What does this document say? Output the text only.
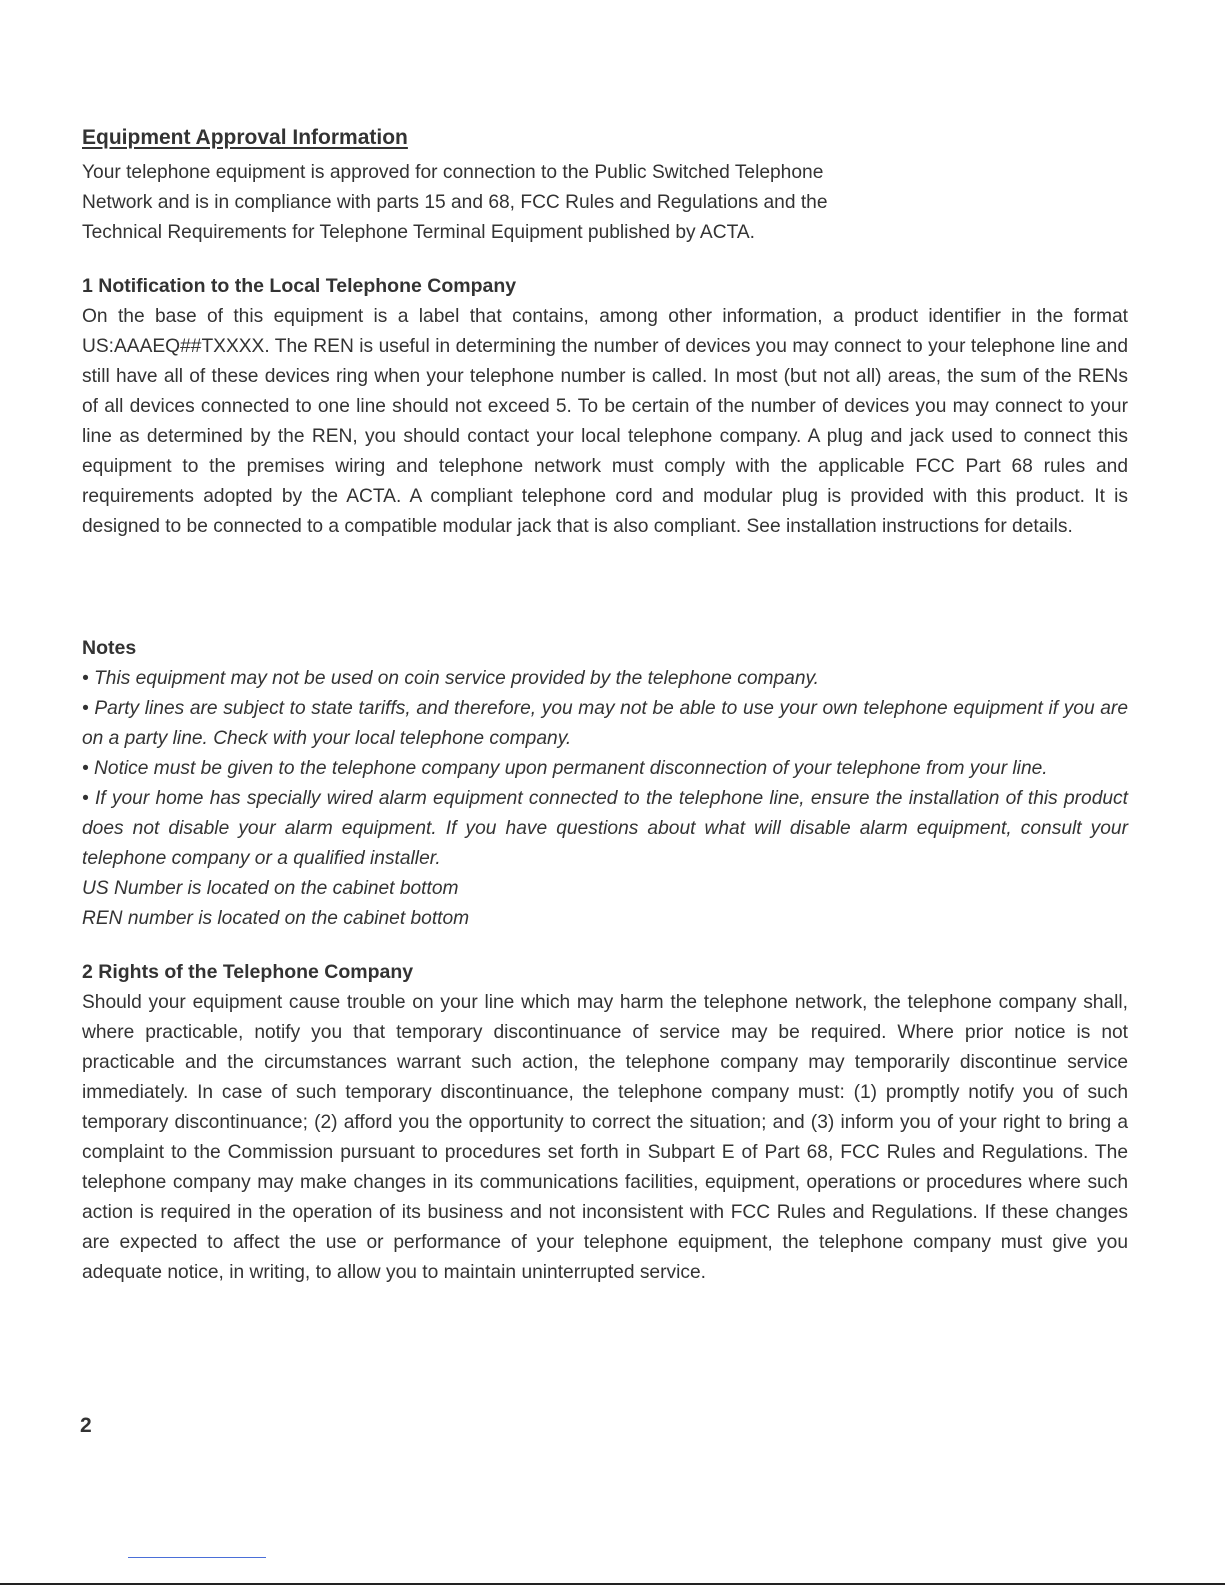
Equipment Approval Information

Your telephone equipment is approved for connection to the Public Switched Telephone

Network and is in compliance with parts 15 and 68, FCC Rules and Regulations and the

Technical Requirements for Telephone Terminal Equipment published by ACTA.

1 Notification to the Local Telephone Company

On the base of this equipment is a label that contains, among other information, a product identifier in the format US:AAAEQ##TXXXX. The REN is useful in determining the number of devices you may connect to your telephone line and still have all of these devices ring when your telephone number is called. In most (but not all) areas, the sum of the RENs of all devices connected to one line should not exceed 5. To be certain of the number of devices you may connect to your line as determined by the REN, you should contact your local telephone company. A plug and jack used to connect this equipment to the premises wiring and telephone network must comply with the applicable FCC Part 68 rules and requirements adopted by the ACTA. A compliant telephone cord and modular plug is provided with this product. It is designed to be connected to a compatible modular jack that is also compliant. See installation instructions for details.

Notes

• This equipment may not be used on coin service provided by the telephone company.

• Party lines are subject to state tariffs, and therefore, you may not be able to use your own telephone equipment if you are on a party line. Check with your local telephone company.

• Notice must be given to the telephone company upon permanent disconnection of your telephone from your line.

• If your home has specially wired alarm equipment connected to the telephone line, ensure the installation of this product does not disable your alarm equipment. If you have questions about what will disable alarm equipment, consult your telephone company or a qualified installer.

US Number is located on the cabinet bottom

REN number is located on the cabinet bottom

2 Rights of the Telephone Company

Should your equipment cause trouble on your line which may harm the telephone network, the telephone company shall, where practicable, notify you that temporary discontinuance of service may be required. Where prior notice is not practicable and the circumstances warrant such action, the telephone company may temporarily discontinue service immediately. In case of such temporary discontinuance, the telephone company must: (1) promptly notify you of such temporary discontinuance; (2) afford you the opportunity to correct the situation; and (3) inform you of your right to bring a complaint to the Commission pursuant to procedures set forth in Subpart E of Part 68, FCC Rules and Regulations. The telephone company may make changes in its communications facilities, equipment, operations or procedures where such action is required in the operation of its business and not inconsistent with FCC Rules and Regulations. If these changes are expected to affect the use or performance of your telephone equipment, the telephone company must give you adequate notice, in writing, to allow you to maintain uninterrupted service.

2
